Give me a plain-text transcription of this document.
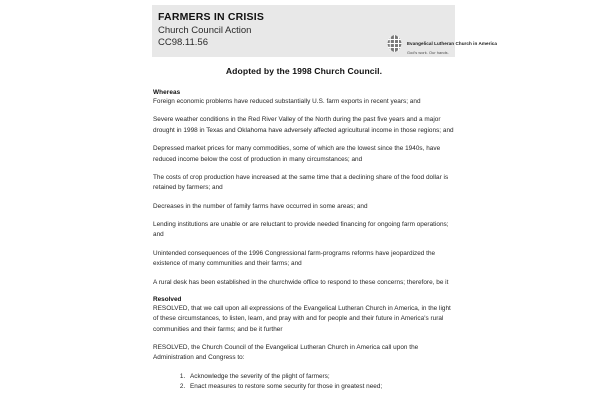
FARMERS IN CRISIS
Church Council Action
CC98.11.56	Evangelical Lutheran Church in America
God's work. Our hands.
Adopted by the 1998 Church Council.
Whereas

Foreign economic problems have reduced substantially U.S. farm exports in recent years; and

Severe weather conditions in the Red River Valley of the North during the past five years and a major drought in 1998 in Texas and Oklahoma have adversely affected agricultural income in those regions; and

Depressed market prices for many commodities, some of which are the lowest since the 1940s, have reduced income below the cost of production in many circumstances; and

The costs of crop production have increased at the same time that a declining share of the food dollar is retained by farmers; and

Decreases in the number of family farms have occurred in some areas; and

Lending institutions are unable or are reluctant to provide needed financing for ongoing farm operations; and

Unintended consequences of the 1996 Congressional farm-programs reforms have jeopardized the existence of many communities and their farms; and

A rural desk has been established in the churchwide office to respond to these concerns; therefore, be it

Resolved

RESOLVED, that we call upon all expressions of the Evangelical Lutheran Church in America, in the light of these circumstances, to listen, learn, and pray with and for people and their future in America's rural communities and their farms; and be it further

RESOLVED, the Church Council of the Evangelical Lutheran Church in America call upon the Administration and Congress to:

1. Acknowledge the severity of the plight of farmers;
2. Enact measures to restore some security for those in greatest need;
